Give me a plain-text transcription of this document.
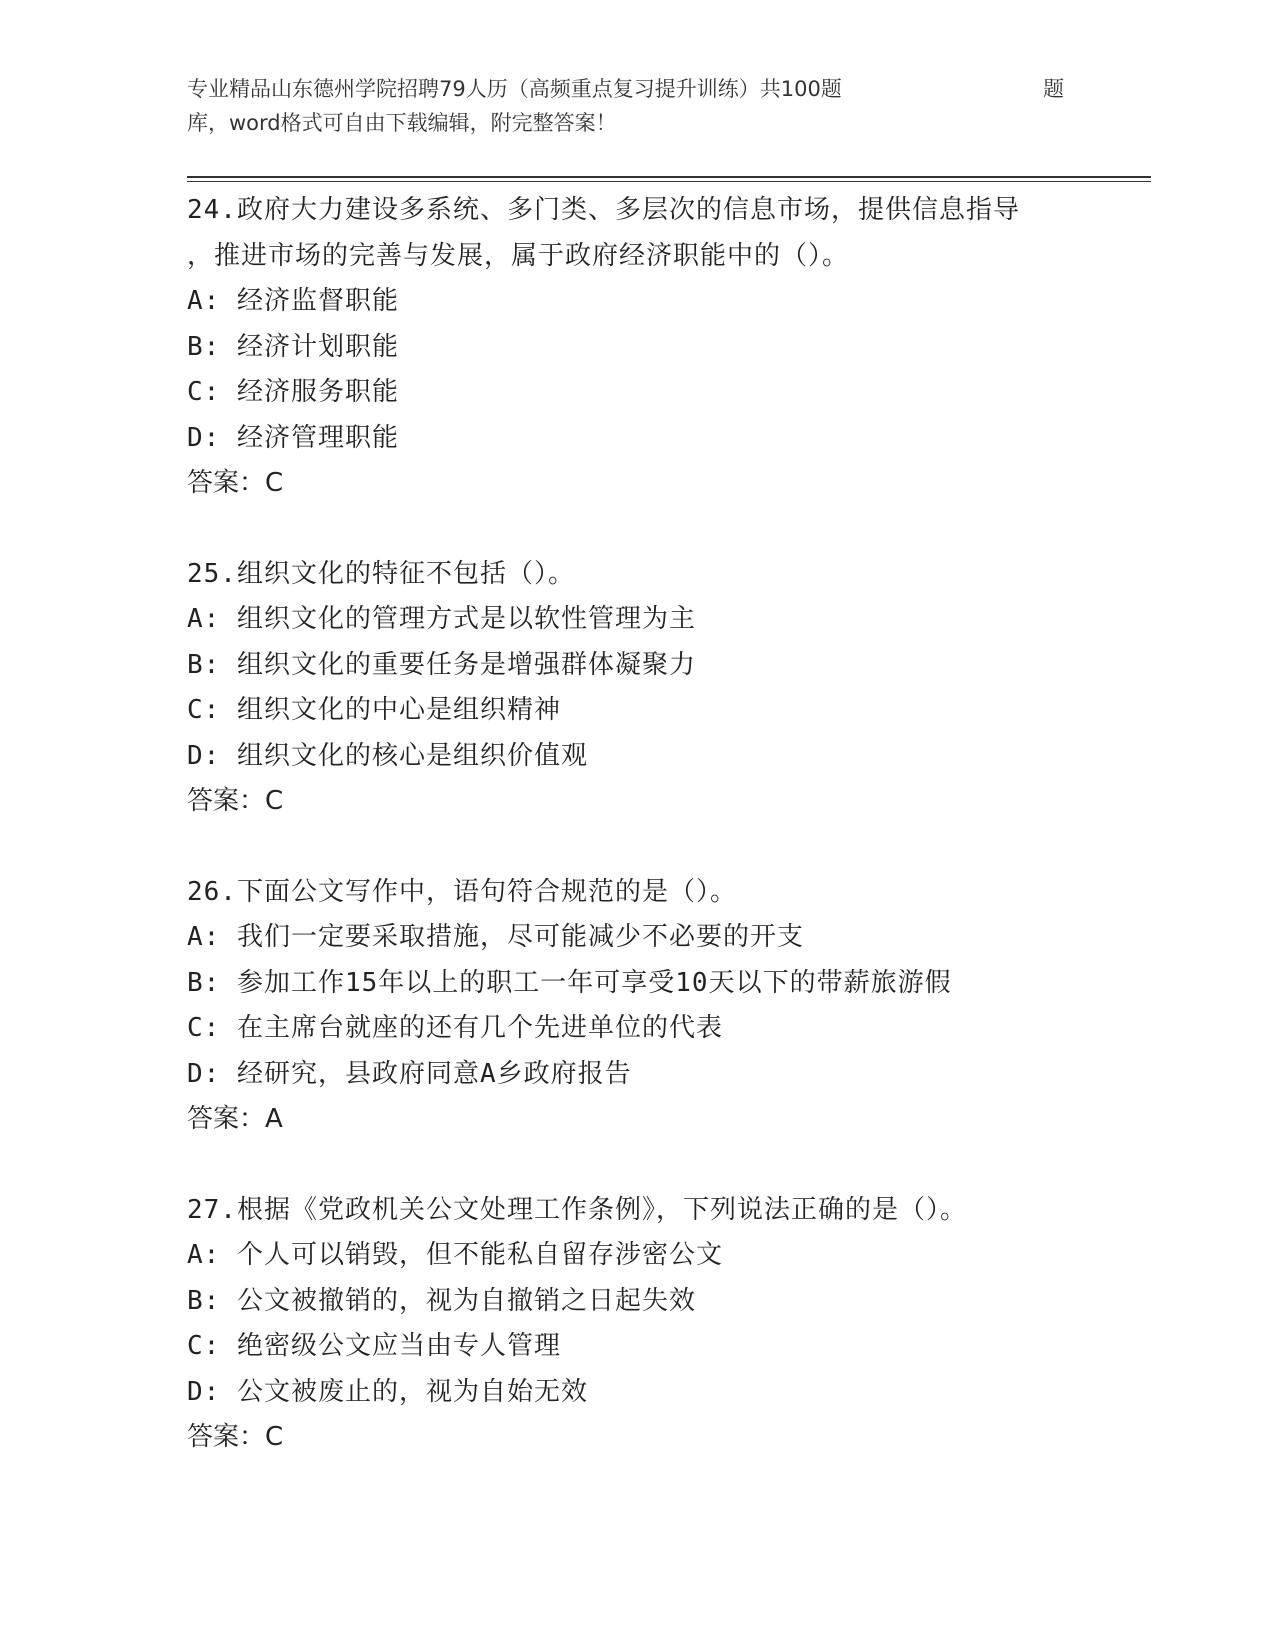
专业精品山东德州学院招聘79人历（高频重点复习提升训练）共100题	题
库，word格式可自由下载编辑，附完整答案！
24.政府大力建设多系统、多门类、多层次的信息市场，提供信息指导
，推进市场的完善与发展，属于政府经济职能中的（）。
A: 经济监督职能
B: 经济计划职能
C: 经济服务职能
D: 经济管理职能
答案：C
25.组织文化的特征不包括（）。
A: 组织文化的管理方式是以软性管理为主
B: 组织文化的重要任务是增强群体凝聚力
C: 组织文化的中心是组织精神
D: 组织文化的核心是组织价值观
答案：C
26.下面公文写作中，语句符合规范的是（）。
A: 我们一定要采取措施，尽可能减少不必要的开支
B: 参加工作15年以上的职工一年可享受10天以下的带薪旅游假
C: 在主席台就座的还有几个先进单位的代表
D: 经研究，县政府同意A乡政府报告
答案：A
27.根据《党政机关公文处理工作条例》，下列说法正确的是（）。
A: 个人可以销毁，但不能私自留存涉密公文
B: 公文被撤销的，视为自撤销之日起失效
C: 绝密级公文应当由专人管理
D: 公文被废止的，视为自始无效
答案：C
